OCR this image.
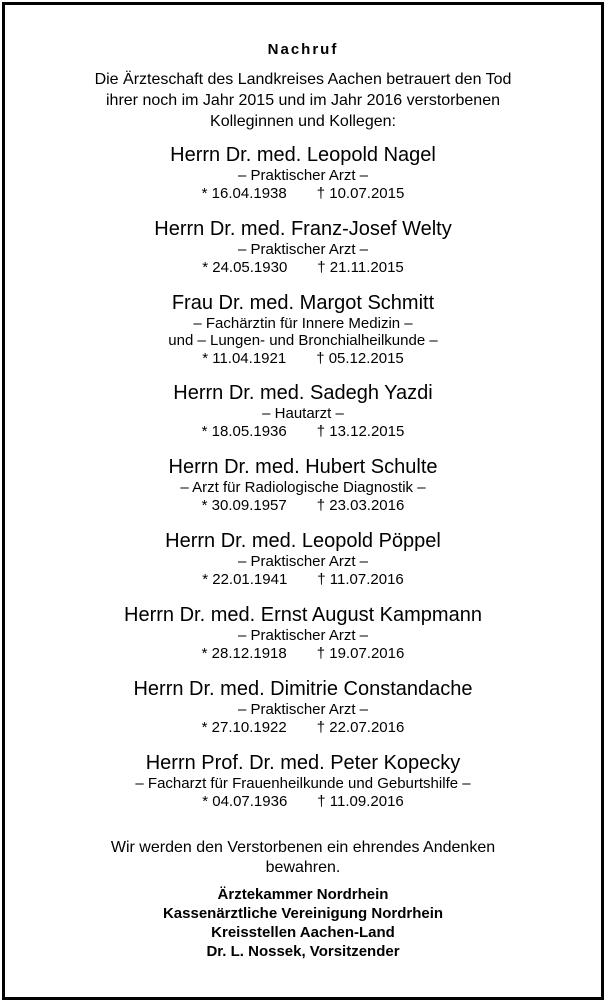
Nachruf
Die Ärzteschaft des Landkreises Aachen betrauert den Tod
ihrer noch im Jahr 2015 und im Jahr 2016 verstorbenen
Kolleginnen und Kollegen:
Herrn Dr. med. Leopold Nagel
– Praktischer Arzt –
* 16.04.1938 † 10.07.2015
Herrn Dr. med. Franz-Josef Welty
– Praktischer Arzt –
* 24.05.1930 † 21.11.2015
Frau Dr. med. Margot Schmitt
– Fachärztin für Innere Medizin –
und – Lungen- und Bronchialheilkunde –
* 11.04.1921 † 05.12.2015
Herrn Dr. med. Sadegh Yazdi
– Hautarzt –
* 18.05.1936 † 13.12.2015
Herrn Dr. med. Hubert Schulte
– Arzt für Radiologische Diagnostik –
* 30.09.1957 † 23.03.2016
Herrn Dr. med. Leopold Pöppel
– Praktischer Arzt –
* 22.01.1941 † 11.07.2016
Herrn Dr. med. Ernst August Kampmann
– Praktischer Arzt –
* 28.12.1918 † 19.07.2016
Herrn Dr. med. Dimitrie Constandache
– Praktischer Arzt –
* 27.10.1922 † 22.07.2016
Herrn Prof. Dr. med. Peter Kopecky
– Facharzt für Frauenheilkunde und Geburtshilfe –
* 04.07.1936 † 11.09.2016
Wir werden den Verstorbenen ein ehrendes Andenken
bewahren.
Ärztekammer Nordrhein
Kassenärztliche Vereinigung Nordrhein
Kreisstellen Aachen-Land
Dr. L. Nossek, Vorsitzender
